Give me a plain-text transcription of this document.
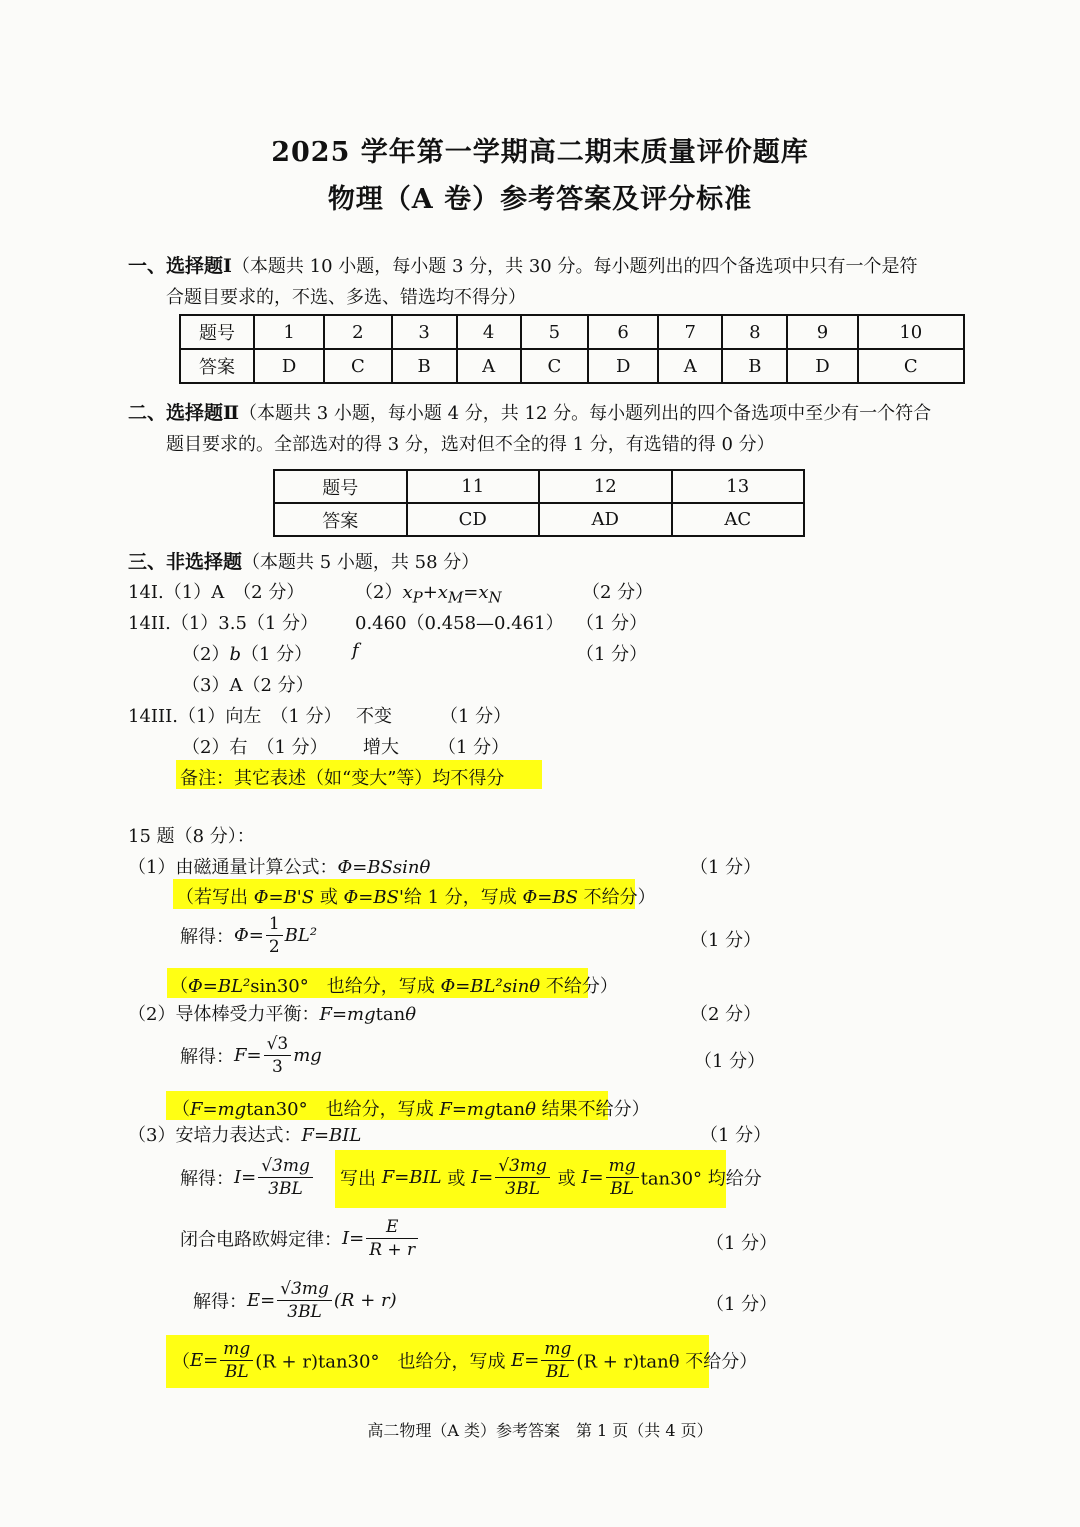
2025 学年第一学期高二期末质量评价题库
物理（A 卷）参考答案及评分标准
一、选择题Ⅰ（本题共 10 小题，每小题 3 分，共 30 分。每小题列出的四个备选项中只有一个是符
合题目要求的，不选、多选、错选均不得分）
题号	1	2	3	4	5	6	7	8	9	10
答案	D	C	B	A	C	D	A	B	D	C
二、选择题Ⅱ（本题共 3 小题，每小题 4 分，共 12 分。每小题列出的四个备选项中至少有一个符合
题目要求的。全部选对的得 3 分，选对但不全的得 1 分，有选错的得 0 分）
题号	11	12	13
答案	CD	AD	AC
三、非选择题（本题共 5 小题，共 58 分）
14I.（1）A　（2 分）	$(2)x_P+x_M=x_N$	（2 分）
14II.（1）3.5（1 分） 0.460（0.458—0.461） （1 分）
（2）b（1 分） f	（1 分）
（3）A（2 分）
14III.（1）向左　（1 分） 不变	（1 分）
（2）右　（1 分） 增大 （1 分）
备注：其它表述（如“变大”等）均不得分
15 题（8 分）：
（1）由磁通量计算公式：Φ=BSsinθ	（1 分）
（若写出 Φ=B'S 或 Φ=BS'给 1 分，写成 Φ=BS 不给分）
解得：$\Phi= \frac{1}{2} BL^2$	（1 分）
（Φ=BL²sin30°　也给分，写成 Φ=BL²sinθ 不给分）
（2）导体棒受力平衡：F=mgtanθ	（2 分）
解得：$F= \frac{√3}{3}$ mg	（1 分）
（F=mgtan30°　也给分，写成 F=mgtanθ 结果不给分）
（3）安培力表达式：F=BIL	（1 分）
解得：$I= \frac{√3mg}{3BL}$ 写出 F=BIL 或 $I= \frac{√3mg}{3BL}$ 或 $I= \frac{mg}{BL} \tan 30^\circ$ 均给分
闭合电路欧姆定律：$I= \frac{E}{R + r}$	（1 分）
解得：$E= \frac{√3mg}{3BL} (R + r)$	（1 分）
（$E= \frac{mg}{BL} (R + r)\tan 30^\circ$　也给分，写成 $E= \frac{mg}{BL} (R + r)\tan\theta$ 不给分）
高二物理（A 类）参考答案　第 1 页（共 4 页）
